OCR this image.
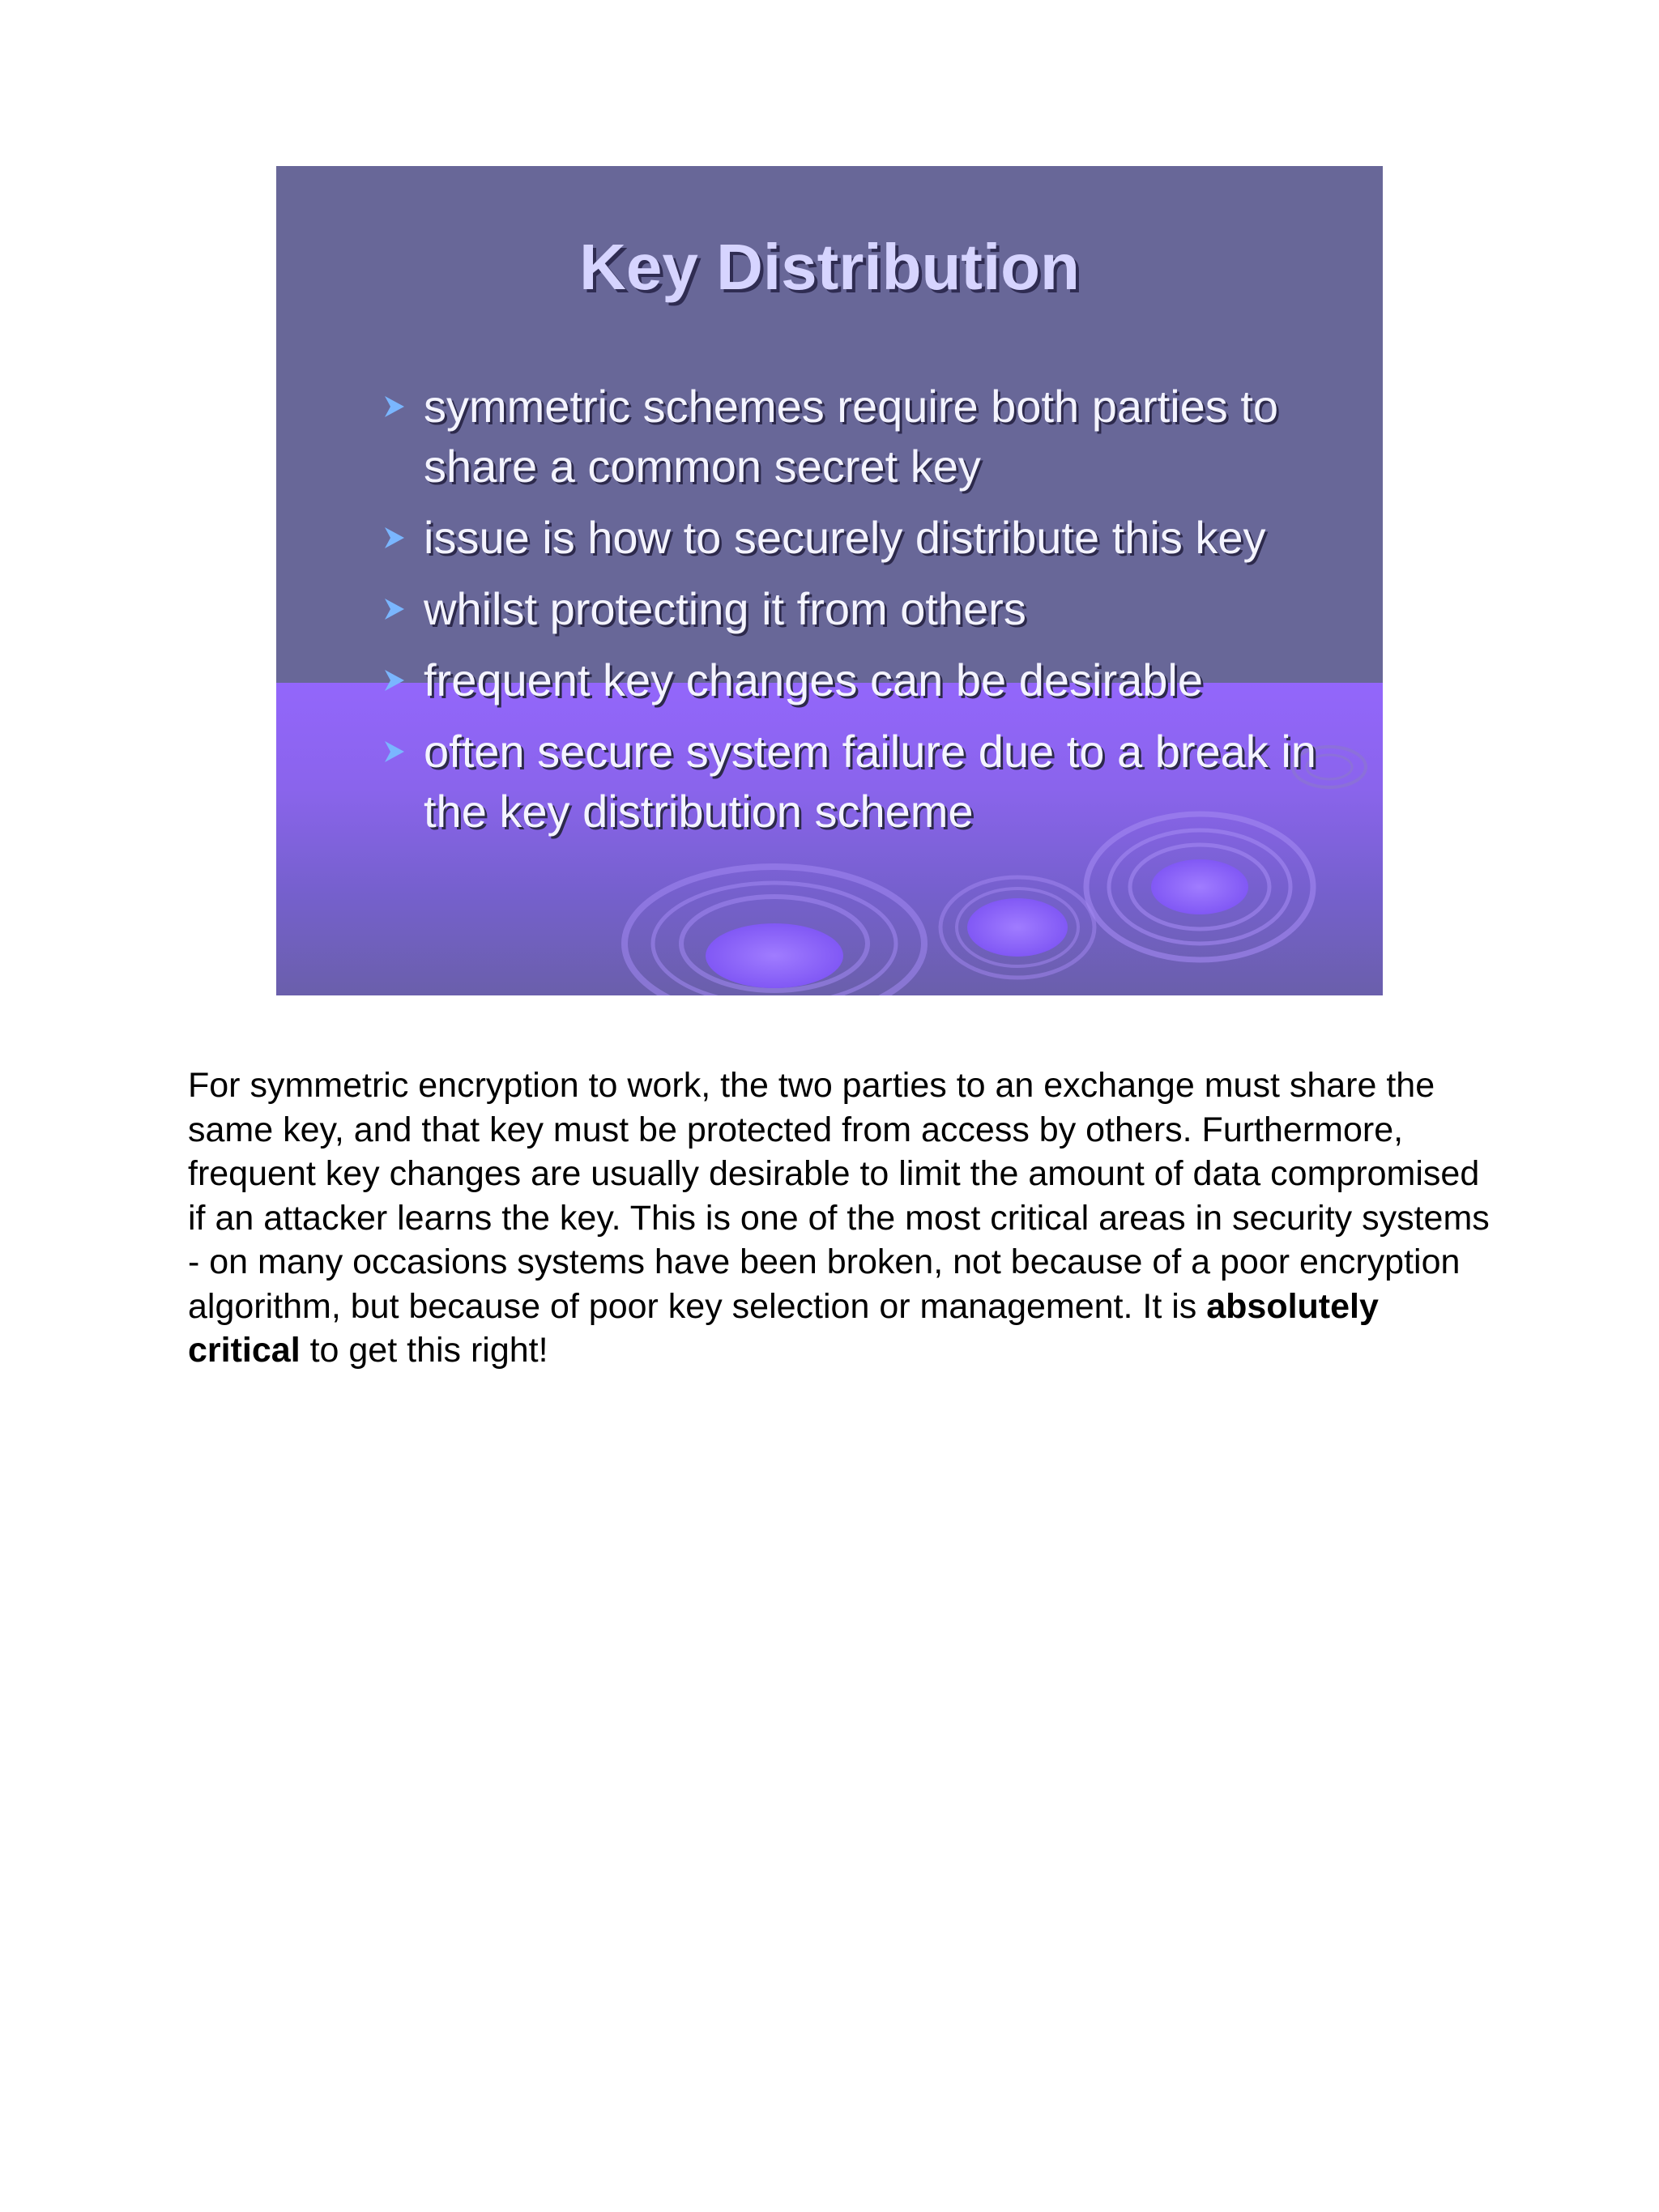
Key Distribution
symmetric schemes require both parties to share a common secret key
issue is how to securely distribute this key
whilst protecting it from others
frequent key changes can be desirable
often secure system failure due to a break in the key distribution scheme

For symmetric encryption to work, the two parties to an exchange must share the same key, and that key must be protected from access by others. Furthermore, frequent key changes are usually desirable to limit the amount of data compromised if an attacker learns the key. This is one of the most critical areas in security systems - on many occasions systems have been broken, not because of a poor encryption algorithm, but because of poor key selection or management. It is absolutely critical to get this right!
